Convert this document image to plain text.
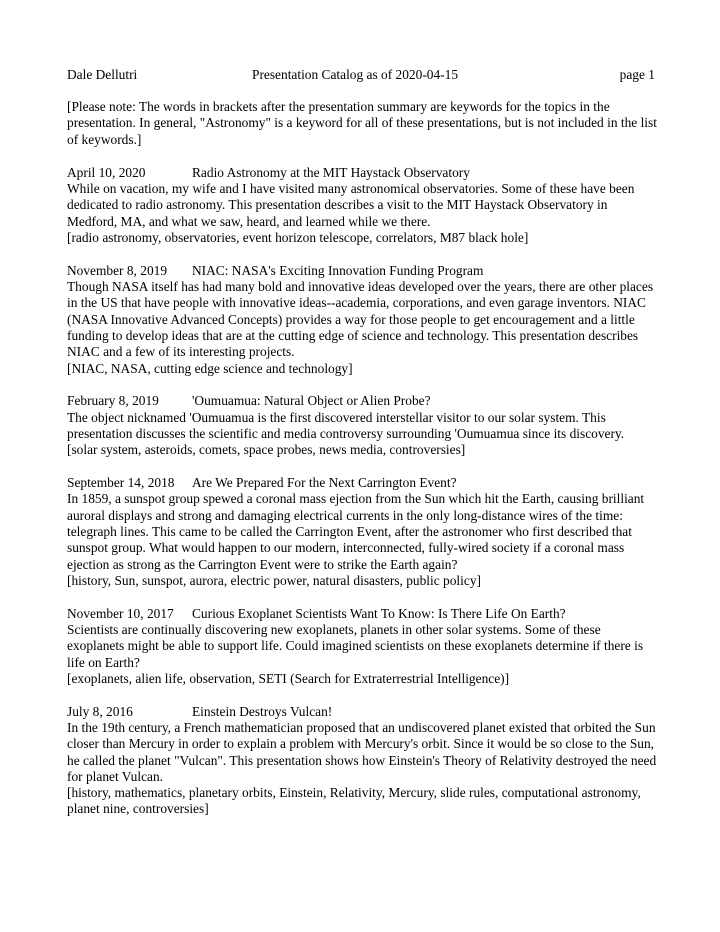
Dale Dellutri	Presentation Catalog as of 2020-04-15	page 1

[Please note: The words in brackets after the presentation summary are keywords for the topics in the presentation. In general, "Astronomy" is a keyword for all of these presentations, but is not included in the list of keywords.]

April 10, 2020	Radio Astronomy at the MIT Haystack Observatory

While on vacation, my wife and I have visited many astronomical observatories. Some of these have been dedicated to radio astronomy. This presentation describes a visit to the MIT Haystack Observatory in Medford, MA, and what we saw, heard, and learned while we there.

[radio astronomy, observatories, event horizon telescope, correlators, M87 black hole]

November 8, 2019 NIAC: NASA's Exciting Innovation Funding Program

Though NASA itself has had many bold and innovative ideas developed over the years, there are other places in the US that have people with innovative ideas--academia, corporations, and even garage inventors. NIAC (NASA Innovative Advanced Concepts) provides a way for those people to get encouragement and a little funding to develop ideas that are at the cutting edge of science and technology. This presentation describes NIAC and a few of its interesting projects.

[NIAC, NASA, cutting edge science and technology]

February 8, 2019 'Oumuamua: Natural Object or Alien Probe?

The object nicknamed 'Oumuamua is the first discovered interstellar visitor to our solar system. This presentation discusses the scientific and media controversy surrounding 'Oumuamua since its discovery.

[solar system, asteroids, comets, space probes, news media, controversies]

September 14, 2018 Are We Prepared For the Next Carrington Event?

In 1859, a sunspot group spewed a coronal mass ejection from the Sun which hit the Earth, causing brilliant auroral displays and strong and damaging electrical currents in the only long-distance wires of the time: telegraph lines. This came to be called the Carrington Event, after the astronomer who first described that sunspot group. What would happen to our modern, interconnected, fully-wired society if a coronal mass ejection as strong as the Carrington Event were to strike the Earth again?

[history, Sun, sunspot, aurora, electric power, natural disasters, public policy]

November 10, 2017 Curious Exoplanet Scientists Want To Know: Is There Life On Earth?

Scientists are continually discovering new exoplanets, planets in other solar systems. Some of these exoplanets might be able to support life. Could imagined scientists on these exoplanets determine if there is life on Earth?

[exoplanets, alien life, observation, SETI (Search for Extraterrestrial Intelligence)]

July 8, 2016	Einstein Destroys Vulcan!

In the 19th century, a French mathematician proposed that an undiscovered planet existed that orbited the Sun closer than Mercury in order to explain a problem with Mercury's orbit. Since it would be so close to the Sun, he called the planet "Vulcan". This presentation shows how Einstein's Theory of Relativity destroyed the need for planet Vulcan.

[history, mathematics, planetary orbits, Einstein, Relativity, Mercury, slide rules, computational astronomy, planet nine, controversies]
